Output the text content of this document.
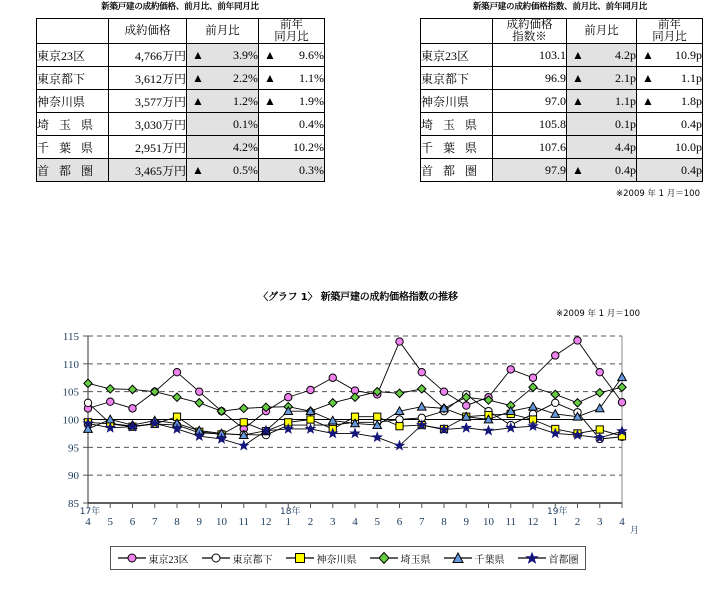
新築戸建の成約価格、前月比、前年同月比
	成約価格	前月比	前年
同月比

東京23区	4,766万円	▲ 3.9%	▲ 9.6%
東京都下	3,612万円	▲ 2.2%	▲ 1.1%
神奈川県	3,577万円	▲ 1.2%	▲ 1.9%
埼 玉 県	3,030万円	0.1%	0.4%
千 葉 県	2,951万円	4.2%	10.2%
首 都 圏	3,465万円	▲ 0.5%	0.3%
新築戸建の成約価格指数、前月比、前年同月比

	成約価格
指数※	前月比	前年
同月比

東京23区	103.1	▲ 4.2p	▲ 10.9p
東京都下	96.9	▲ 2.1p	▲ 1.1p
神奈川県	97.0	▲ 1.1p	▲ 1.8p
埼 玉 県	105.8	0.1p	0.4p
千 葉 県	107.6	4.4p	10.0p
首 都 圏	97.9	▲ 0.4p	0.4p
※2009 年 1 月＝100
〈グラフ 1〉 新築戸建の成約価格指数の推移
※2009 年 1 月＝100
85
90
95
100
105
110
115
4 5 6 7 8 9 10 11 12 1 2 3 4 5 6 7 8 9 10 11 12 1 2 3 4
17年	18年	19年
月
東京23区	東京都下	神奈川県	埼玉県	千葉県	首都圏
